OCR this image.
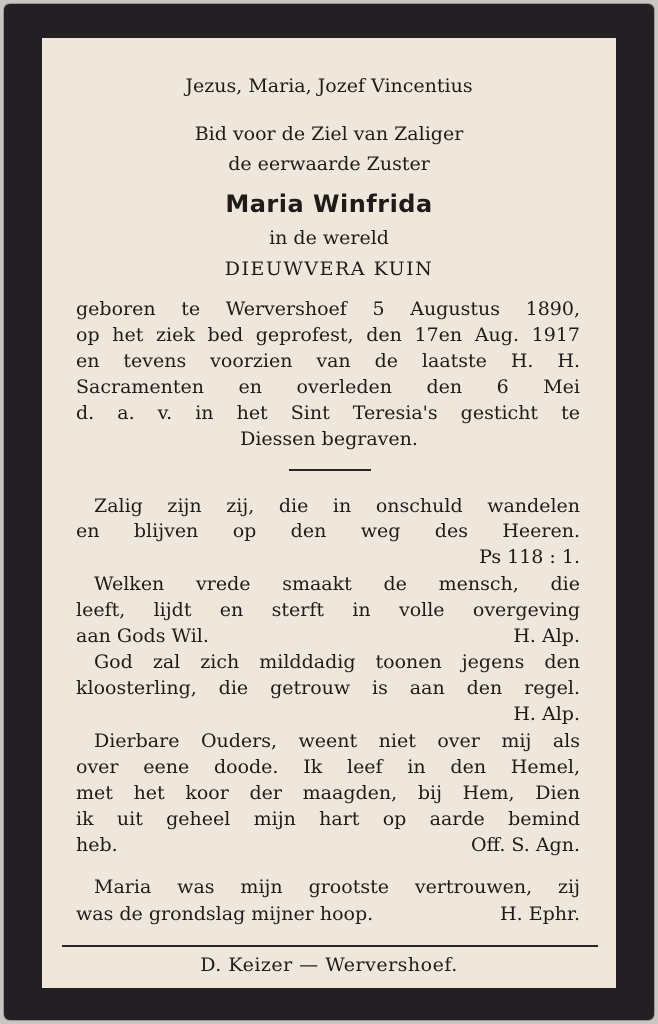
Jezus, Maria, Jozef Vincentius
Bid voor de Ziel van Zaliger
de eerwaarde Zuster
Maria Winfrida
in de wereld
DIEUWVERA KUIN
geboren te Wervershoef 5 Augustus 1890,
op het ziek bed geprofest, den 17en Aug. 1917
en tevens voorzien van de laatste H. H.
Sacramenten en overleden den 6 Mei
d. a. v. in het Sint Teresia's gesticht te
Diessen begraven.
Zalig zijn zij, die in onschuld wandelen
en blijven op den weg des Heeren.
Ps 118 : 1.
Welken vrede smaakt de mensch, die
leeft, lijdt en sterft in volle overgeving
aan Gods Wil.	H. Alp.
God zal zich milddadig toonen jegens den
kloosterling, die getrouw is aan den regel.
H. Alp.
Dierbare Ouders, weent niet over mij als
over eene doode. Ik leef in den Hemel,
met het koor der maagden, bij Hem, Dien
ik uit geheel mijn hart op aarde bemind
heb.	Off. S. Agn.
Maria was mijn grootste vertrouwen, zij
was de grondslag mijner hoop.	H. Ephr.
D. Keizer — Wervershoef.
